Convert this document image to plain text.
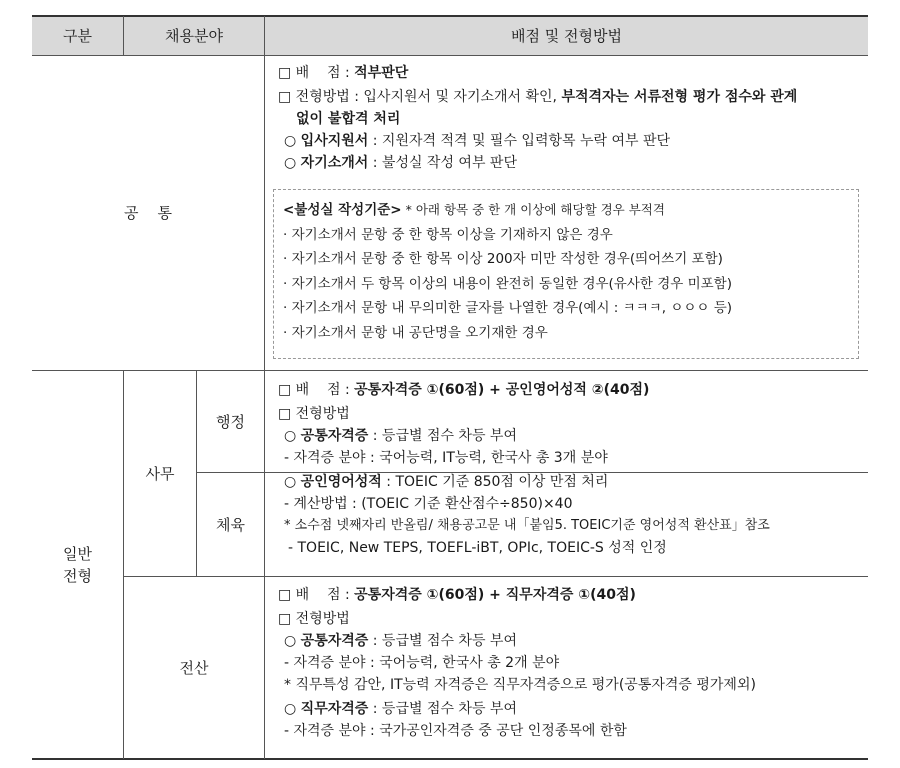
구분	채용분야	배점 및 전형방법
공    통
□ 배    점 : 적부판단
□ 전형방법 : 입사지원서 및 자기소개서 확인, 부적격자는 서류전형 평가 점수와 관계
없이 불합격 처리
○ 입사지원서 : 지원자격 적격 및 필수 입력항목 누락 여부 판단
○ 자기소개서 : 불성실 작성 여부 판단
<불성실 작성기준> * 아래 항목 중 한 개 이상에 해당할 경우 부적격
· 자기소개서 문항 중 한 항목 이상을 기재하지 않은 경우
· 자기소개서 문항 중 한 항목 이상 200자 미만 작성한 경우(띄어쓰기 포함)
· 자기소개서 두 항목 이상의 내용이 완전히 동일한 경우(유사한 경우 미포함)
· 자기소개서 문항 내 무의미한 글자를 나열한 경우(예시 : ㅋㅋㅋ, ㅇㅇㅇ 등)
· 자기소개서 문항 내 공단명을 오기재한 경우
일반
전형
사무
행정
체육
전산
□ 배    점 : 공통자격증 ①(60점) + 공인영어성적 ②(40점)
□ 전형방법
○ 공통자격증 : 등급별 점수 차등 부여
- 자격증 분야 : 국어능력, IT능력, 한국사 총 3개 분야
○ 공인영어성적 : TOEIC 기준 850점 이상 만점 처리
- 계산방법 : (TOEIC 기준 환산점수÷850)×40
* 소수점 넷째자리 반올림/ 채용공고문 내「붙임5. TOEIC기준 영어성적 환산표」참조
- TOEIC, New TEPS, TOEFL-iBT, OPIc, TOEIC-S 성적 인정
□ 배    점 : 공통자격증 ①(60점) + 직무자격증 ①(40점)
□ 전형방법
○ 공통자격증 : 등급별 점수 차등 부여
- 자격증 분야 : 국어능력, 한국사 총 2개 분야
* 직무특성 감안, IT능력 자격증은 직무자격증으로 평가(공통자격증 평가제외)
○ 직무자격증 : 등급별 점수 차등 부여
- 자격증 분야 : 국가공인자격증 중 공단 인정종목에 한함
